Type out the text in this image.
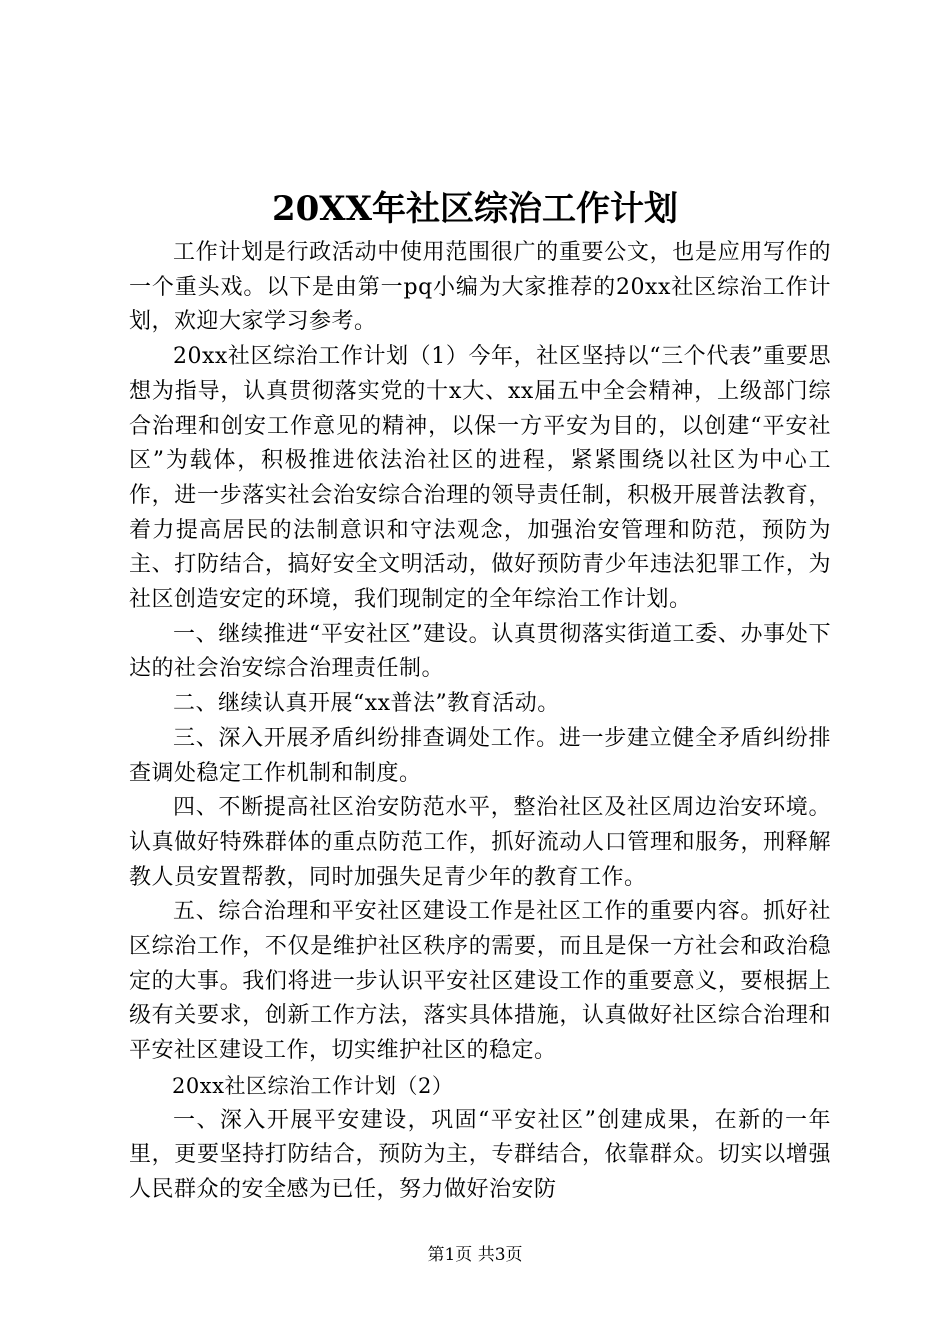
20XX年社区综治工作计划

工作计划是行政活动中使用范围很广的重要公文，也是应用写作的一个重头戏。以下是由第一pq小编为大家推荐的20xx社区综治工作计划，欢迎大家学习参考。

20xx社区综治工作计划（1）今年，社区坚持以“三个代表”重要思想为指导，认真贯彻落实党的十x大、xx届五中全会精神，上级部门综合治理和创安工作意见的精神，以保一方平安为目的，以创建“平安社区”为载体，积极推进依法治社区的进程，紧紧围绕以社区为中心工作，进一步落实社会治安综合治理的领导责任制，积极开展普法教育，着力提高居民的法制意识和守法观念，加强治安管理和防范，预防为主、打防结合，搞好安全文明活动，做好预防青少年违法犯罪工作，为社区创造安定的环境，我们现制定的全年综治工作计划。

一、继续推进“平安社区”建设。认真贯彻落实街道工委、办事处下达的社会治安综合治理责任制。

二、继续认真开展“xx普法”教育活动。

三、深入开展矛盾纠纷排查调处工作。进一步建立健全矛盾纠纷排查调处稳定工作机制和制度。

四、不断提高社区治安防范水平，整治社区及社区周边治安环境。认真做好特殊群体的重点防范工作，抓好流动人口管理和服务，刑释解教人员安置帮教，同时加强失足青少年的教育工作。

五、综合治理和平安社区建设工作是社区工作的重要内容。抓好社区综治工作，不仅是维护社区秩序的需要，而且是保一方社会和政治稳定的大事。我们将进一步认识平安社区建设工作的重要意义，要根据上级有关要求，创新工作方法，落实具体措施，认真做好社区综合治理和平安社区建设工作，切实维护社区的稳定。

20xx社区综治工作计划（2）

一、深入开展平安建设，巩固“平安社区”创建成果，在新的一年里，更要坚持打防结合，预防为主，专群结合，依靠群众。切实以增强人民群众的安全感为已任，努力做好治安防

第1页 共3页
